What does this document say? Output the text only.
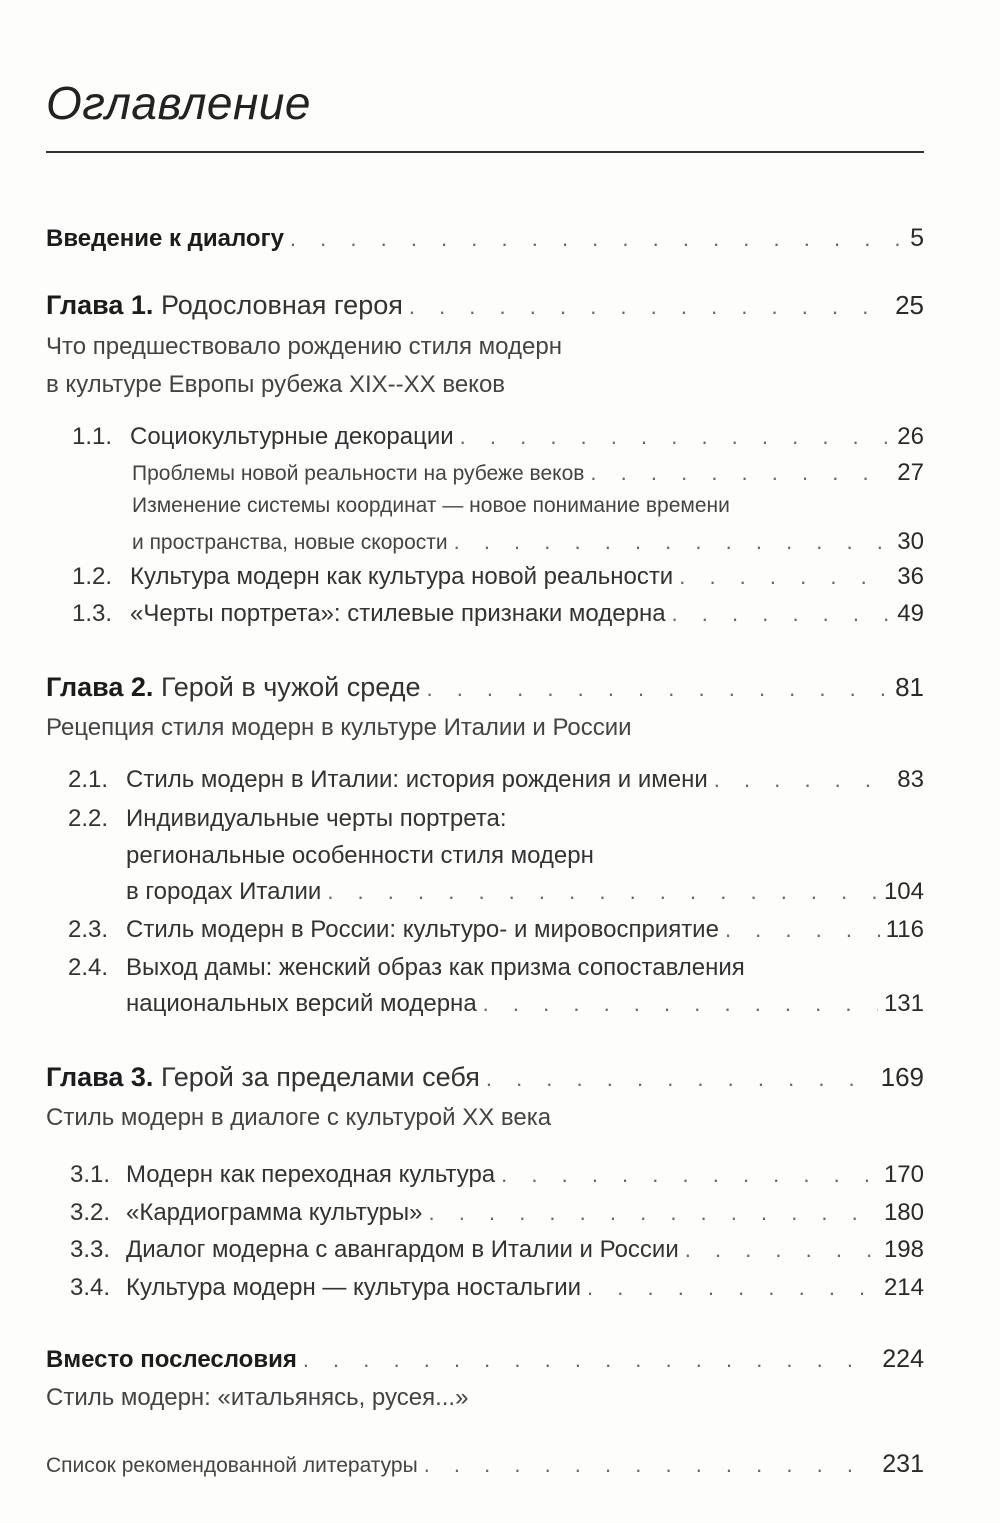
Оглавление
Введение к диалогу . . .	5
Глава 1. Родословная героя . . .	25
Что предшествовало рождению стиля модерн
в культуре Европы рубежа XIX--XX веков
1.1. Социокультурные декорации . . .	26
Проблемы новой реальности на рубеже веков . . .	27
Изменение системы координат — новое понимание времени
и пространства, новые скорости . . .	30
1.2. Культура модерн как культура новой реальности . . .	36
1.3. «Черты портрета»: стилевые признаки модерна . . .	49
Глава 2. Герой в чужой среде . . .	81
Рецепция стиля модерн в культуре Италии и России
2.1. Стиль модерн в Италии: история рождения и имени . . .	83
2.2. Индивидуальные черты портрета:
региональные особенности стиля модерн
в городах Италии . . .	104
2.3. Стиль модерн в России: культуро- и мировосприятие . . .	116
2.4. Выход дамы: женский образ как призма сопоставления
национальных версий модерна . . .	131
Глава 3. Герой за пределами себя . . .	169
Стиль модерн в диалоге с культурой XX века
3.1. Модерн как переходная культура . . .	170
3.2. «Кардиограмма культуры» . . .	180
3.3. Диалог модерна с авангардом в Италии и России . . .	198
3.4. Культура модерн — культура ностальгии . . .	214
Вместо послесловия . . .	224
Стиль модерн: «итальянясь, русея...»
Список рекомендованной литературы . . .	231
